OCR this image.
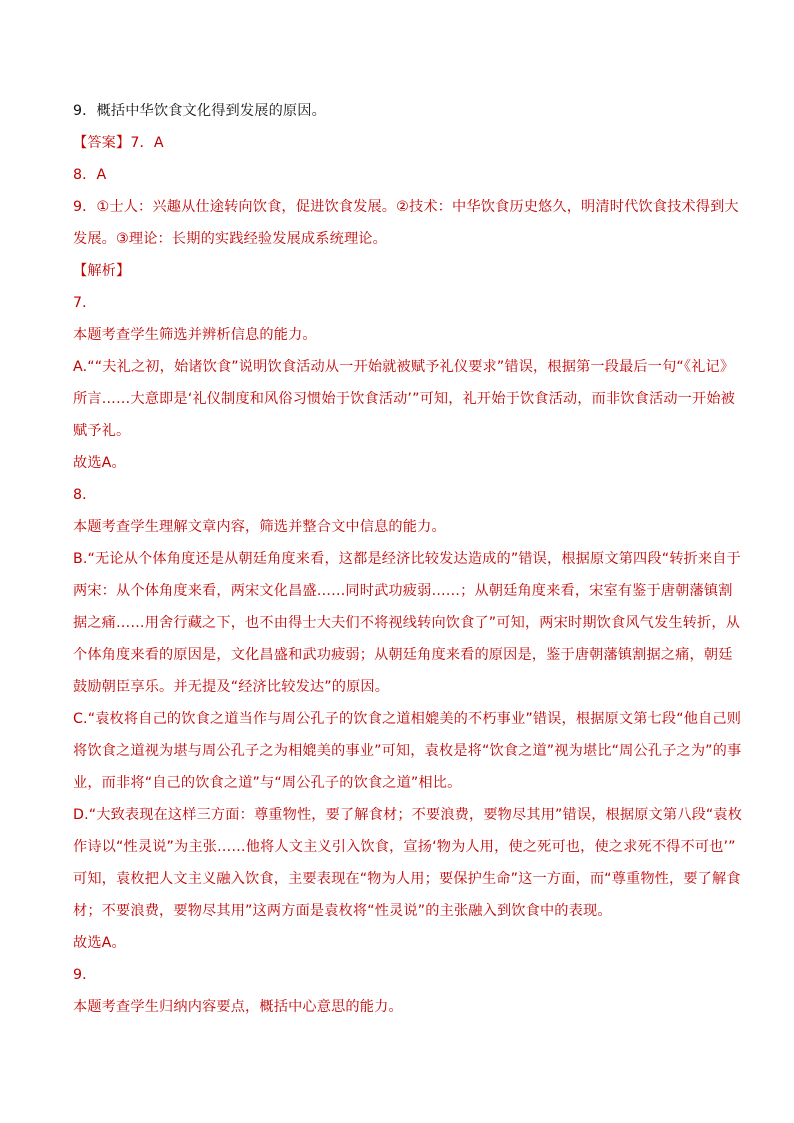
9．概括中华饮食文化得到发展的原因。
【答案】7．A
8．A
9．①士人：兴趣从仕途转向饮食，促进饮食发展。②技术：中华饮食历史悠久，明清时代饮食技术得到大
发展。③理论：长期的实践经验发展成系统理论。
【解析】
7．
本题考查学生筛选并辨析信息的能力。
A.““夫礼之初，始诸饮食”说明饮食活动从一开始就被赋予礼仪要求”错误，根据第一段最后一句“《礼记》
所言……大意即是‘礼仪制度和风俗习惯始于饮食活动’”可知，礼开始于饮食活动，而非饮食活动一开始被
赋予礼。
故选A。
8．
本题考查学生理解文章内容，筛选并整合文中信息的能力。
B.“无论从个体角度还是从朝廷角度来看，这都是经济比较发达造成的”错误，根据原文第四段“转折来自于
两宋：从个体角度来看，两宋文化昌盛……同时武功疲弱……；从朝廷角度来看，宋室有鉴于唐朝藩镇割
据之痛……用舍行藏之下，也不由得士大夫们不将视线转向饮食了”可知，两宋时期饮食风气发生转折，从
个体角度来看的原因是，文化昌盛和武功疲弱；从朝廷角度来看的原因是，鉴于唐朝藩镇割据之痛，朝廷
鼓励朝臣享乐。并无提及“经济比较发达”的原因。
C.“袁枚将自己的饮食之道当作与周公孔子的饮食之道相媲美的不朽事业”错误，根据原文第七段“他自己则
将饮食之道视为堪与周公孔子之为相媲美的事业”可知，袁枚是将“饮食之道”视为堪比“周公孔子之为”的事
业，而非将“自己的饮食之道”与“周公孔子的饮食之道”相比。
D.“大致表现在这样三方面：尊重物性，要了解食材；不要浪费，要物尽其用”错误，根据原文第八段“袁枚
作诗以“性灵说”为主张……他将人文主义引入饮食，宣扬‘物为人用，使之死可也，使之求死不得不可也’”
可知，袁枚把人文主义融入饮食，主要表现在“物为人用；要保护生命”这一方面，而“尊重物性，要了解食
材；不要浪费，要物尽其用”这两方面是袁枚将“性灵说”的主张融入到饮食中的表现。
故选A。
9．
本题考查学生归纳内容要点，概括中心意思的能力。
